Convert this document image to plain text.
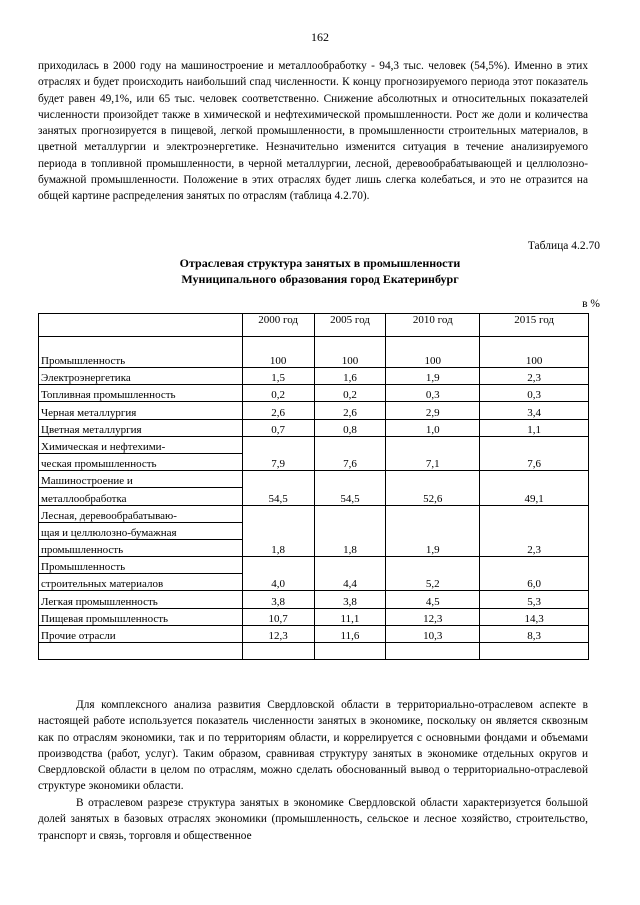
162

приходилась в 2000 году на машиностроение и металлообработку - 94,3 тыс. человек (54,5%). Именно в этих отраслях и будет происходить наибольший спад численности. К концу прогнозируемого периода этот показатель будет равен 49,1%, или 65 тыс. человек соответственно. Снижение абсолютных и относительных показателей численности произойдет также в химической и нефтехимической промышленности. Рост же доли и количества занятых прогнозируется в пищевой, легкой промышленности, в промышленности строительных материалов, в цветной металлургии и электроэнергетике. Незначительно изменится ситуация в течение анализируемого периода в топливной промышленности, в черной металлургии, лесной, деревообрабатывающей и целлюлозно-бумажной промышленности. Положение в этих отраслях будет лишь слегка колебаться, и это не отразится на общей картине распределения занятых по отраслям (таблица 4.2.70).

Таблица 4.2.70
Отраслевая структура занятых в промышленности
Муниципального образования город Екатеринбург
в %
	2000 год	2005 год	2010 год	2015 год
Промышленность	100	100	100	100
Электроэнергетика	1,5	1,6	1,9	2,3
Топливная промышленность	0,2	0,2	0,3	0,3
Черная металлургия	2,6	2,6	2,9	3,4
Цветная металлургия	0,7	0,8	1,0	1,1
Химическая и нефтехими-				
ческая промышленность	7,9	7,6	7,1	7,6
Машиностроение и				
металлообработка	54,5	54,5	52,6	49,1
Лесная, деревообрабатываю-				
щая и целлюлозно-бумажная				
промышленность	1,8	1,8	1,9	2,3
Промышленность				
строительных материалов	4,0	4,4	5,2	6,0
Легкая промышленность	3,8	3,8	4,5	5,3
Пищевая промышленность	10,7	11,1	12,3	14,3
Прочие отрасли	12,3	11,6	10,3	8,3

Для комплексного анализа развития Свердловской области в территориально-отраслевом аспекте в настоящей работе используется показатель численности занятых в экономике, поскольку он является сквозным как по отраслям экономики, так и по территориям области, и коррелируется с основными фондами и объемами производства (работ, услуг). Таким образом, сравнивая структуру занятых в экономике отдельных округов и Свердловской области в целом по отраслям, можно сделать обоснованный вывод о территориально-отраслевой структуре экономики области.

В отраслевом разрезе структура занятых в экономике Свердловской области характеризуется большой долей занятых в базовых отраслях экономики (промышленность, сельское и лесное хозяйство, строительство, транспорт и связь, торговля и общественное
